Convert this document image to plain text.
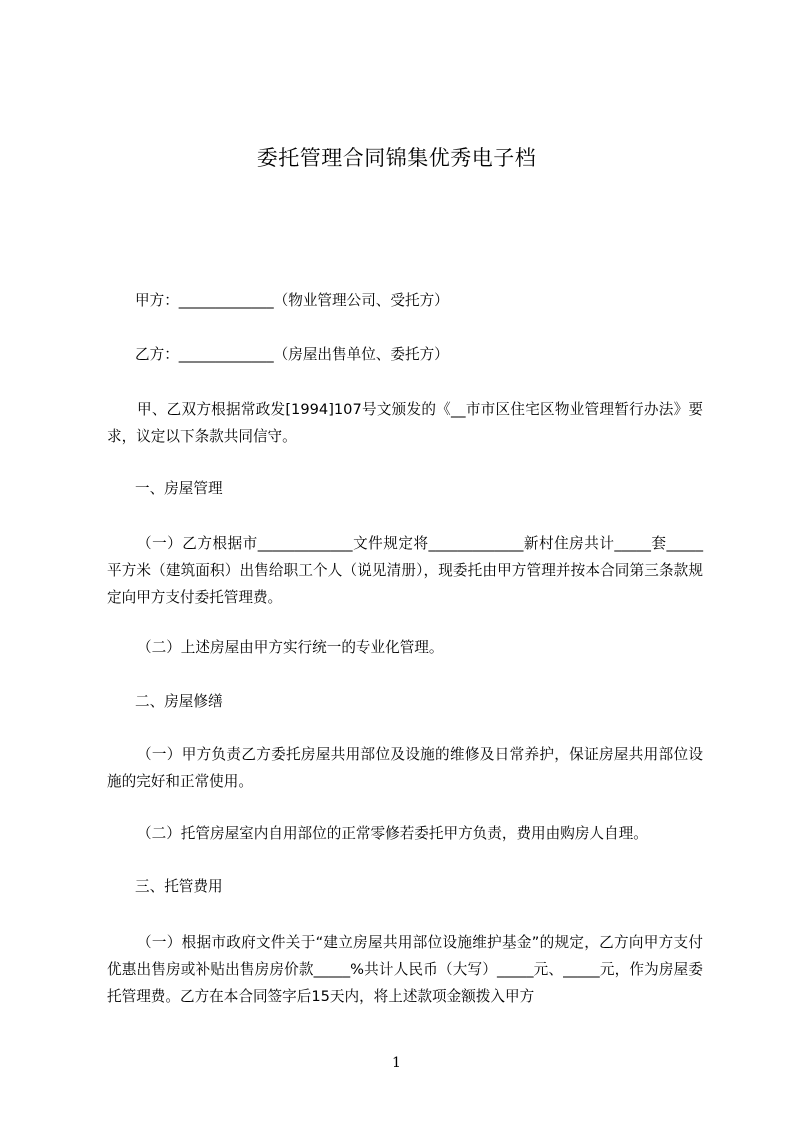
委托管理合同锦集优秀电子档
甲方：_____________（物业管理公司、受托方）
乙方：_____________（房屋出售单位、委托方）

甲、乙双方根据常政发[1994]107号文颁发的《__市市区住宅区物业管理暂行办法》要求，议定以下条款共同信守。

一、房屋管理

（一）乙方根据市_____________文件规定将_____________新村住房共计_____套_____平方米（建筑面积）出售给职工个人（说见清册），现委托由甲方管理并按本合同第三条款规定向甲方支付委托管理费。

（二）上述房屋由甲方实行统一的专业化管理。

二、房屋修缮

（一）甲方负责乙方委托房屋共用部位及设施的维修及日常养护，保证房屋共用部位设施的完好和正常使用。

（二）托管房屋室内自用部位的正常零修若委托甲方负责，费用由购房人自理。

三、托管费用

（一）根据市政府文件关于“建立房屋共用部位设施维护基金”的规定，乙方向甲方支付优惠出售房或补贴出售房房价款_____%共计人民币（大写）_____元、_____元，作为房屋委托管理费。乙方在本合同签字后15天内，将上述款项金额拨入甲方

1
